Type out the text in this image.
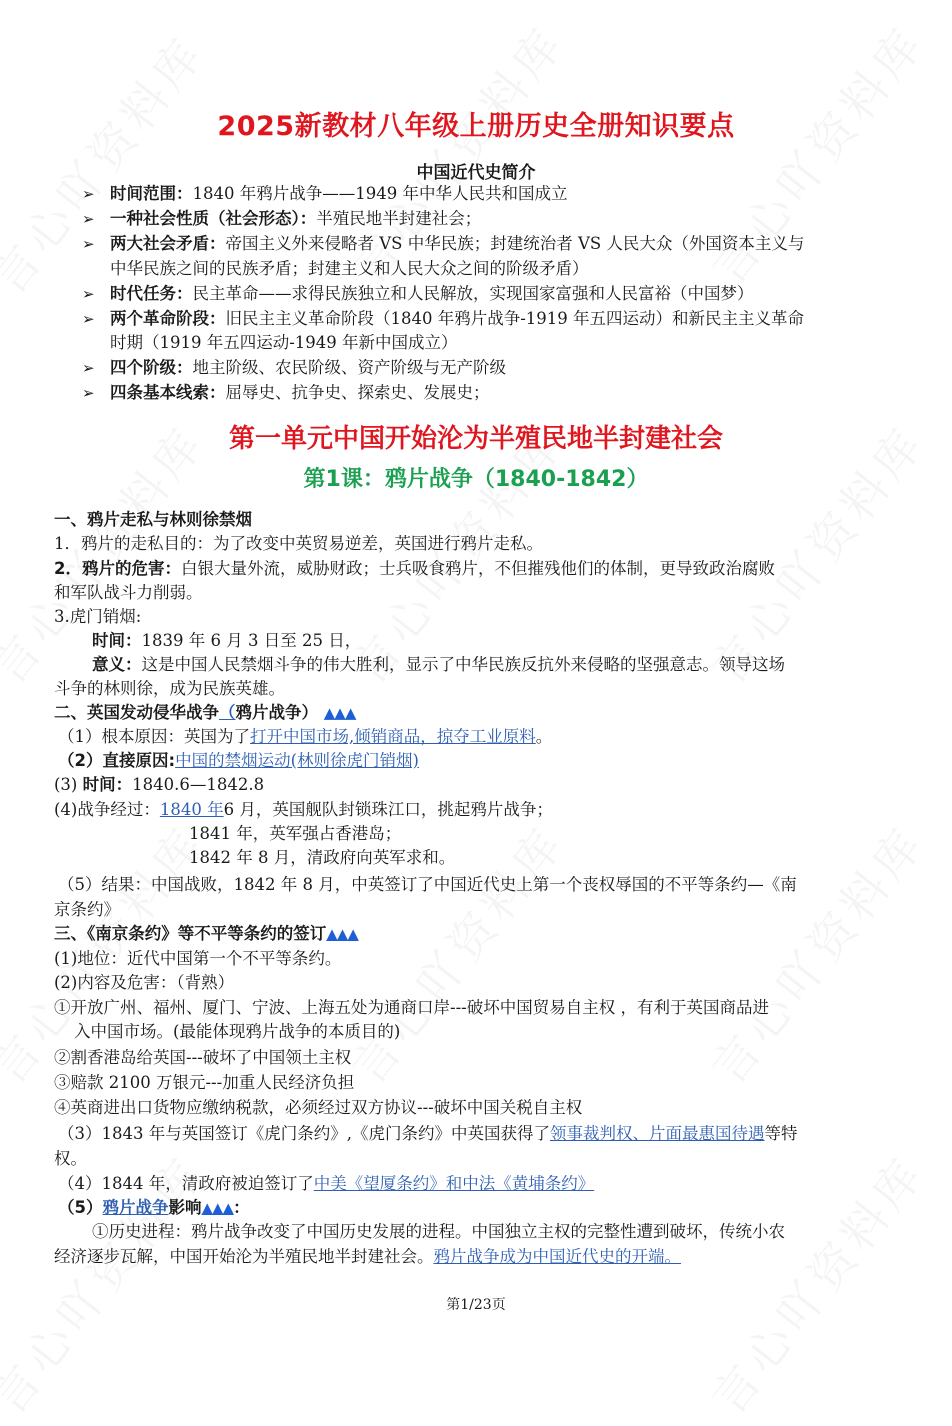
2025新教材八年级上册历史全册知识要点
中国近代史简介
➢ 时间范围：1840 年鸦片战争——1949 年中华人民共和国成立
➢ 一种社会性质（社会形态）：半殖民地半封建社会；
➢ 两大社会矛盾：帝国主义外来侵略者 VS 中华民族；封建统治者 VS 人民大众（外国资本主义与
中华民族之间的民族矛盾；封建主义和人民大众之间的阶级矛盾）
➢ 时代任务：民主革命——求得民族独立和人民解放，实现国家富强和人民富裕（中国梦）
➢ 两个革命阶段：旧民主主义革命阶段（1840 年鸦片战争-1919 年五四运动）和新民主主义革命
时期（1919 年五四运动-1949 年新中国成立）
➢ 四个阶级：地主阶级、农民阶级、资产阶级与无产阶级
➢ 四条基本线索：屈辱史、抗争史、探索史、发展史；
第一单元中国开始沦为半殖民地半封建社会
第1课：鸦片战争（1840-1842）
一、鸦片走私与林则徐禁烟
1．鸦片的走私目的：为了改变中英贸易逆差，英国进行鸦片走私。
2．鸦片的危害：白银大量外流，威胁财政；士兵吸食鸦片，不但摧残他们的体制，更导致政治腐败
和军队战斗力削弱。
3.虎门销烟:
时间：1839 年 6 月 3 日至 25 日，
意义：这是中国人民禁烟斗争的伟大胜利，显示了中华民族反抗外来侵略的坚强意志。领导这场
斗争的林则徐，成为民族英雄。
二、英国发动侵华战争（鸦片战争） ▲▲▲
（1）根本原因：英国为了打开中国市场,倾销商品，掠夺工业原料。
（2）直接原因:中国的禁烟运动(林则徐虎门销烟)
(3) 时间：1840.6—1842.8
(4)战争经过：1840 年6 月，英国舰队封锁珠江口，挑起鸦片战争；
1841 年，英军强占香港岛；
1842 年 8 月，清政府向英军求和。
（5）结果：中国战败，1842 年 8 月，中英签订了中国近代史上第一个丧权辱国的不平等条约—《南
京条约》
三、《南京条约》等不平等条约的签订▲▲▲
(1)地位：近代中国第一个不平等条约。
(2)内容及危害：（背熟）
①开放广州、福州、厦门、宁波、上海五处为通商口岸---破坏中国贸易自主权 ，有利于英国商品进
入中国市场。(最能体现鸦片战争的本质目的)
②割香港岛给英国---破坏了中国领土主权
③赔款 2100 万银元---加重人民经济负担
④英商进出口货物应缴纳税款，必须经过双方协议---破坏中国关税自主权
（3）1843 年与英国签订《虎门条约》,《虎门条约》中英国获得了领事裁判权、片面最惠国待遇等特
权。
（4）1844 年，清政府被迫签订了中美《望厦条约》和中法《黄埔条约》
（5）鸦片战争影响▲▲▲：
①历史进程：鸦片战争改变了中国历史发展的进程。中国独立主权的完整性遭到破坏，传统小农
经济逐步瓦解，中国开始沦为半殖民地半封建社会。鸦片战争成为中国近代史的开端。
第1/23页
